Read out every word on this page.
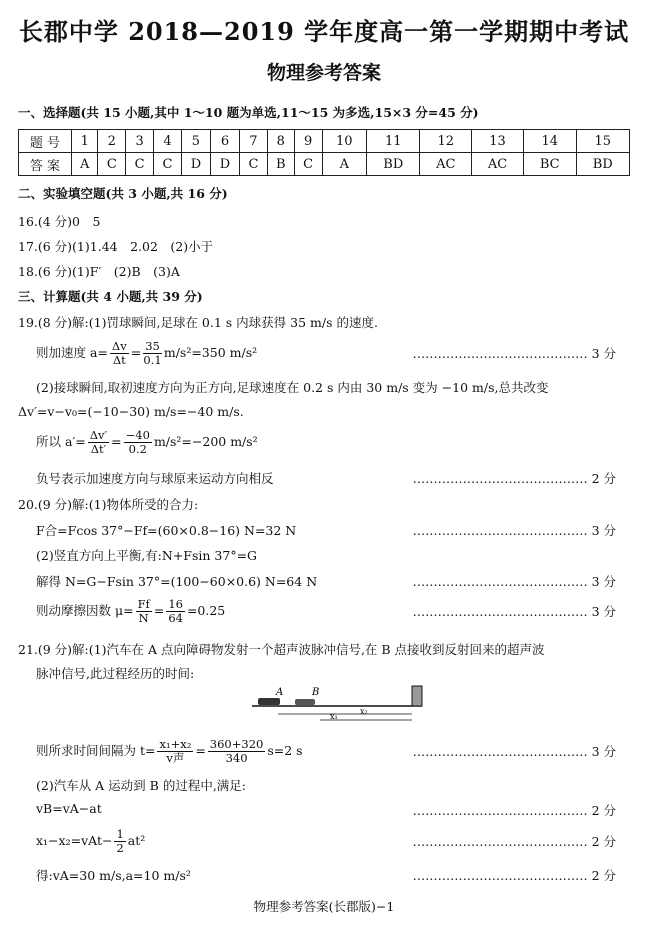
长郡中学 2018—2019 学年度高一第一学期期中考试
物理参考答案
一、选择题(共 15 小题,其中 1～10 题为单选,11～15 为多选,15×3 分=45 分)
题 号	1	2	3	4	5	6	7	8	9	10	11	12	13	14	15
答 案	A	C	C	C	D	D	C	B	C	A	BD	AC	AC	BC	BD
二、实验填空题(共 3 小题,共 16 分)
16.(4 分)0　5
17.(6 分)(1)1.44　2.02　(2)小于
18.(6 分)(1)F′　(2)B　(3)A
三、计算题(共 4 小题,共 39 分)
19.(8 分)解:(1)罚球瞬间,足球在 0.1 s 内球获得 35 m/s 的速度.
则加速度 $a= \frac{\Delta v}{\Delta t} = \frac{35}{0.1} m/s^2=350$ m/s²	…………………………………… 3 分
(2)接球瞬间,取初速度方向为正方向,足球速度在 0.2 s 内由 30 m/s 变为 −10 m/s,总共改变
Δv′=v−v₀=(−10−30) m/s=−40 m/s.
所以 $a'= \frac{\Delta v'}{\Delta t'} = \frac{-40}{0.2} m/s^2=-200$ m/s²
负号表示加速度方向与球原来运动方向相反	…………………………………… 2 分
20.(9 分)解:(1)物体所受的合力:
F合=Fcos 37°−Ff=(60×0.8−16) N=32 N	…………………………………… 3 分
(2)竖直方向上平衡,有:N+Fsin 37°=G
解得 N=G−Fsin 37°=(100−60×0.6) N=64 N	…………………………………… 3 分
则动摩擦因数 $\mu= \frac{Ff}{N} = \frac{16}{64} =0.25$	…………………………………… 3 分
21.(9 分)解:(1)汽车在 A 点向障碍物发射一个超声波脉冲信号,在 B 点接收到反射回来的超声波
脉冲信号,此过程经历的时间:
A	B
x₁
x₂
则所求时间间隔为 $t= \frac{\text{x₁+x₂}}{\text{v声}} = \frac{360+320}{340} s=2$ s	…………………………………… 3 分
(2)汽车从 A 运动到 B 的过程中,满足:
vB=vA−at	…………………………………… 2 分
$x_1-x_2=vAt- \frac{1}{2} at^2$	…………………………………… 2 分
得:vA=30 m/s,a=10 m/s²	…………………………………… 2 分
物理参考答案(长郡版)−1
